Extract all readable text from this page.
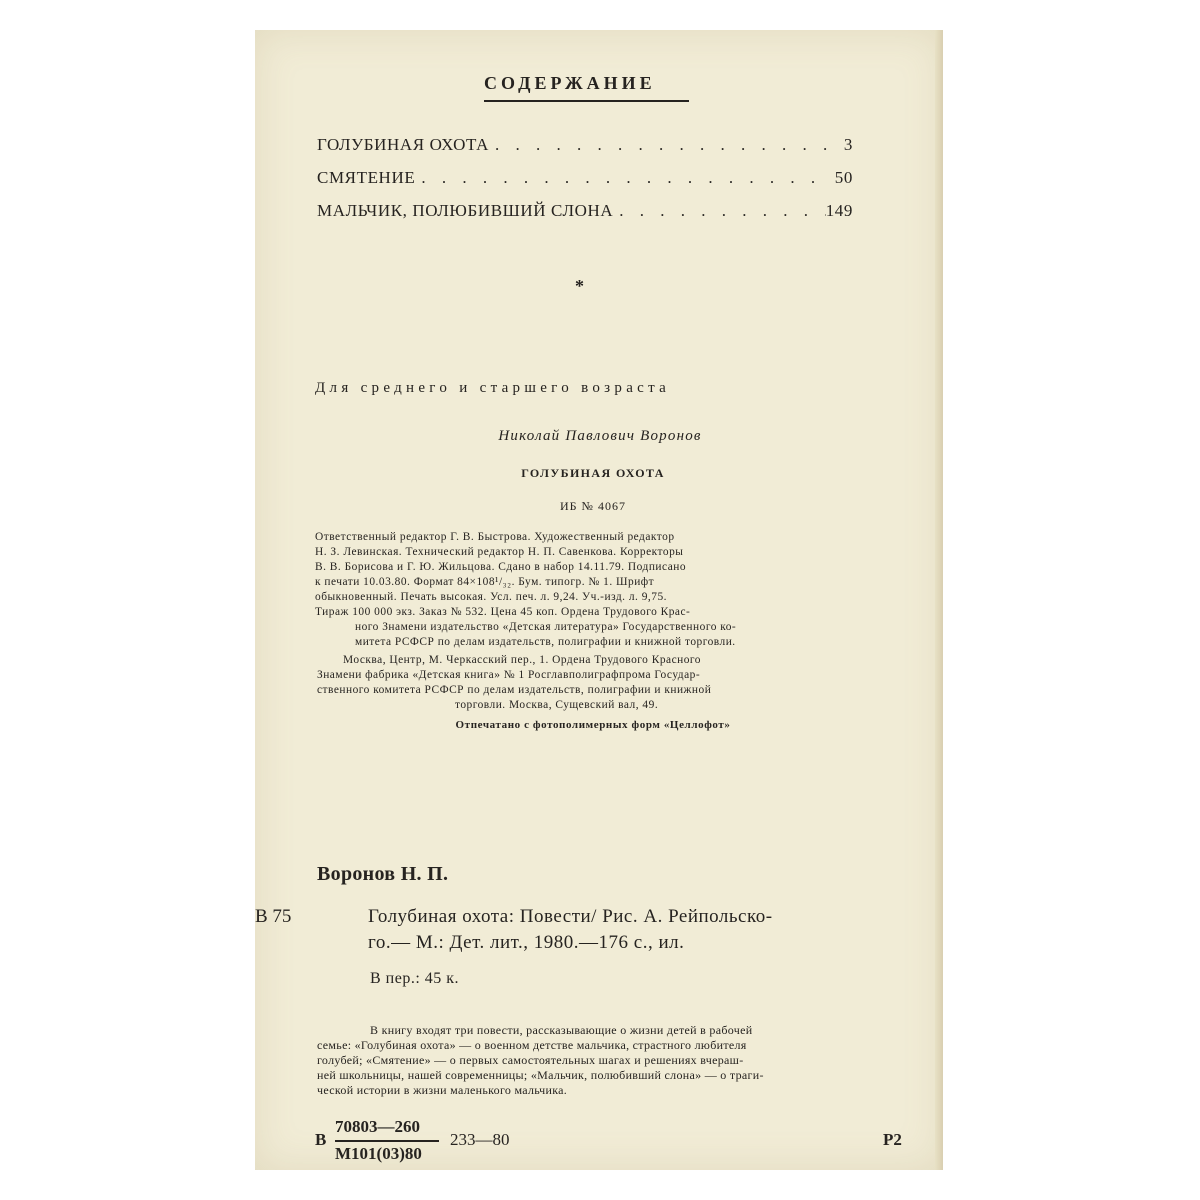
СОДЕРЖАНИЕ
ГОЛУБИНАЯ ОХОТА . . .	3
СМЯТЕНИЕ . . .	50
МАЛЬЧИК, ПОЛЮБИВШИЙ СЛОНА . . .	149
*
Для среднего и старшего возраста
Николай Павлович Воронов
ГОЛУБИНАЯ ОХОТА
ИБ № 4067
Ответственный редактор Г. В. Быстрова. Художественный редактор
Н. З. Левинская. Технический редактор Н. П. Савенкова. Корректоры
В. В. Борисова и Г. Ю. Жильцова. Сдано в набор 14.11.79. Подписано
к печати 10.03.80. Формат 84×108¹/₃₂. Бум. типогр. № 1. Шрифт
обыкновенный. Печать высокая. Усл. печ. л. 9,24. Уч.-изд. л. 9,75.
Тираж 100 000 экз. Заказ № 532. Цена 45 коп. Ордена Трудового Крас-
ного Знамени издательство «Детская литература» Государственного ко-
митета РСФСР по делам издательств, полиграфии и книжной торговли.
Москва, Центр, М. Черкасский пер., 1. Ордена Трудового Красного
Знамени фабрика «Детская книга» № 1 Росглавполиграфпрома Государ-
ственного комитета РСФСР по делам издательств, полиграфии и книжной
торговли. Москва, Сущевский вал, 49.
Отпечатано с фотополимерных форм «Целлофот»
Воронов Н. П.
В 75	Голубиная охота: Повести/ Рис. А. Рейпольско-
го.— М.: Дет. лит., 1980.—176 с., ил.
В пер.: 45 к.
В книгу входят три повести, рассказывающие о жизни детей в рабочей
семье: «Голубиная охота» — о военном детстве мальчика, страстного любителя
голубей; «Смятение» — о первых самостоятельных шагах и решениях вчераш-
ней школьницы, нашей современницы; «Мальчик, полюбивший слона» — о траги-
ческой истории в жизни маленького мальчика.
В
70803—260
М101(03)80
233—80	Р2
